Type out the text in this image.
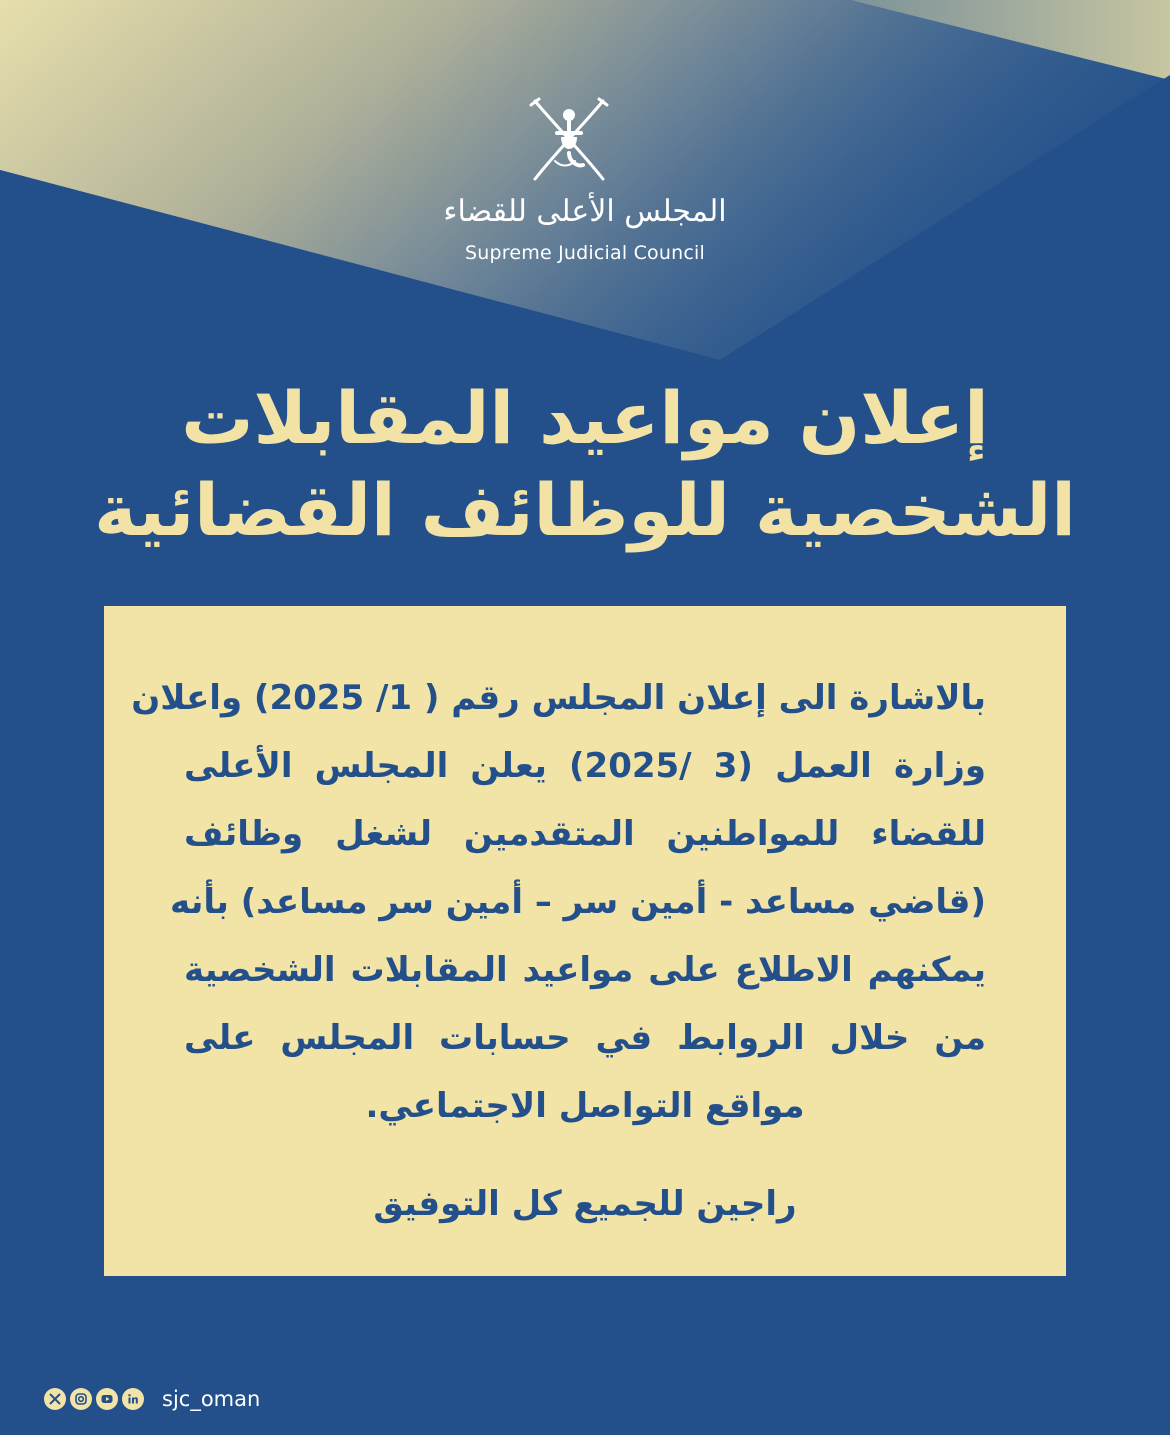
المجلس الأعلى للقضاء
Supreme Judicial Council
إعلان مواعيد المقابلات
الشخصية للوظائف القضائية
بالاشارة الى إعلان المجلس رقم ( 1/ 2025) واعلان
وزارة العمل (3 /2025) يعلن المجلس الأعلى
للقضاء للمواطنين المتقدمين لشغل وظائف
(قاضي مساعد - أمين سر – أمين سر مساعد) بأنه
يمكنهم الاطلاع على مواعيد المقابلات الشخصية
من خلال الروابط في حسابات المجلس على
مواقع التواصل الاجتماعي.
راجين للجميع كل التوفيق
sjc_oman
